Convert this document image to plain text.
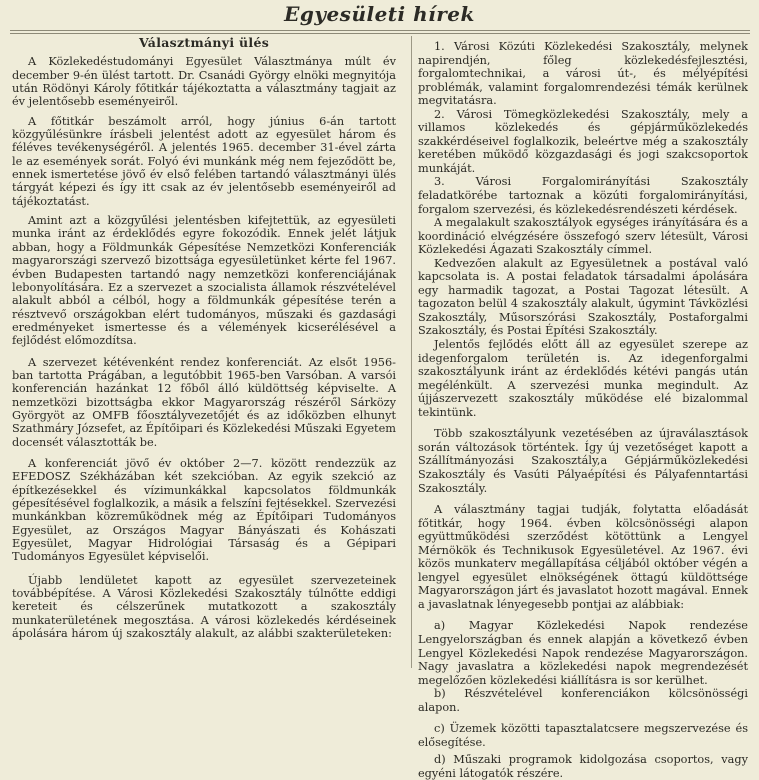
Egyesületi hírek
Választmányi ülés

A Közlekedéstudományi Egyesület Választmánya múlt év december 9-én ülést tartott. Dr. Csanádi György elnöki megnyitója után Rödönyi Károly főtitkár tájékoztatta a választmány tagjait az év jelentősebb eseményeiről.

A főtitkár beszámolt arról, hogy június 6-án tartott közgyűlésünkre írásbeli jelentést adott az egyesület három és féléves tevékenységéről. A jelentés 1965. december 31-ével zárta le az események sorát. Folyó évi munkánk még nem fejeződött be, ennek ismertetése jövő év első felében tartandó választmányi ülés tárgyát képezi és így itt csak az év jelentősebb eseményeiről ad tájékoztatást.

Amint azt a közgyűlési jelentésben kifejtettük, az egyesületi munka iránt az érdeklődés egyre fokozódik. Ennek jelét látjuk abban, hogy a Földmunkák Gépesítése Nemzetközi Konferenciák magyarországi szervező bizottsága egyesületünket kérte fel 1967. évben Budapesten tartandó nagy nemzetközi konferenciájának lebonyolítására. Ez a szervezet a szocialista államok részvételével alakult abból a célból, hogy a földmunkák gépesítése terén a résztvevő országokban elért tudományos, műszaki és gazdasági eredményeket ismertesse és a vélemények kicserélésével a fejlődést előmozdítsa.

A szervezet kétévenként rendez konferenciát. Az elsőt 1956-ban tartotta Prágában, a legutóbbit 1965-ben Varsóban. A varsói konferencián hazánkat 12 főből álló küldöttség képviselte. A nemzetközi bizottságba ekkor Magyarország részéről Sárközy Györgyöt az OMFB főosztályvezetőjét és az időközben elhunyt Szathmáry Józsefet, az Építőipari és Közlekedési Műszaki Egyetem docensét választották be.

A konferenciát jövő év október 2—7. között rendezzük az EFEDOSZ Székházában két szekcióban. Az egyik szekció az építkezésekkel és vízimunkákkal kapcsolatos földmunkák gépesítésével foglalkozik, a másik a felszíni fejtésekkel. Szervezési munkánkban közreműködnek még az Építőipari Tudományos Egyesület, az Országos Magyar Bányászati és Kohászati Egyesület, Magyar Hidrológiai Társaság és a Gépipari Tudományos Egyesület képviselői.

Újabb lendületet kapott az egyesület szervezeteinek továbbépítése. A Városi Közlekedési Szakosztály túlnőtte eddigi kereteit és célszerűnek mutatkozott a szakosztály munkaterületének megosztása. A városi közlekedés kérdéseinek ápolására három új szakosztály alakult, az alábbi szakterületeken:

1. Városi Közúti Közlekedési Szakosztály, melynek napirendjén, főleg közlekedésfejlesztési, forgalomtechnikai, a városi út-, és mélyépítési problémák, valamint forgalomrendezési témák kerülnek megvitatásra.

2. Városi Tömegközlekedési Szakosztály, mely a villamos közlekedés és gépjárműközlekedés szakkérdéseivel foglalkozik, beleértve még a szakosztály keretében működő közgazdasági és jogi szakcsoportok munkáját.

3. Városi Forgalomirányítási Szakosztály feladatkörébe tartoznak a közúti forgalomirányítási, forgalom szervezési, és közlekedésrendészeti kérdések.

A megalakult szakosztályok egységes irányítására és a koordináció elvégzésére összefogó szerv létesült, Városi Közlekedési Ágazati Szakosztály címmel.

Kedvezően alakult az Egyesületnek a postával való kapcsolata is. A postai feladatok társadalmi ápolására egy harmadik tagozat, a Postai Tagozat létesült. A tagozaton belül 4 szakosztály alakult, úgymint Távközlési Szakosztály, Műsorszórási Szakosztály, Postaforgalmi Szakosztály, és Postai Építési Szakosztály.

Jelentős fejlődés előtt áll az egyesület szerepe az idegenforgalom területén is. Az idegenforgalmi szakosztályunk iránt az érdeklődés kétévi pangás után megélénkült. A szervezési munka megindult. Az újjászervezett szakosztály működése elé bizalommal tekintünk.

Több szakosztályunk vezetésében az újraválasztások során változások történtek. Így új vezetőséget kapott a Szállítmányozási Szakosztály,a Gépjárműközlekedési Szakosztály és Vasúti Pályaépítési és Pályafenntartási Szakosztály.

A választmány tagjai tudják, folytatta előadását főtitkár, hogy 1964. évben kölcsönösségi alapon együttműködési szerződést kötöttünk a Lengyel Mérnökök és Technikusok Egyesületével. Az 1967. évi közös munkaterv megállapítása céljából október végén a lengyel egyesület elnökségének öttagú küldöttsége Magyarországon járt és javaslatot hozott magával. Ennek a javaslatnak lényegesebb pontjai az alábbiak:

a) Magyar Közlekedési Napok rendezése Lengyelországban és ennek alapján a következő évben Lengyel Közlekedési Napok rendezése Magyarországon. Nagy javaslatra a közlekedési napok megrendezését megelőzően közlekedési kiállításra is sor kerülhet.

b) Részvételével konferenciákon kölcsönösségi alapon.

c) Üzemek közötti tapasztalatcsere megszervezése és elősegítése.

d) Műszaki programok kidolgozása csoportos, vagy egyéni látogatók részére.
